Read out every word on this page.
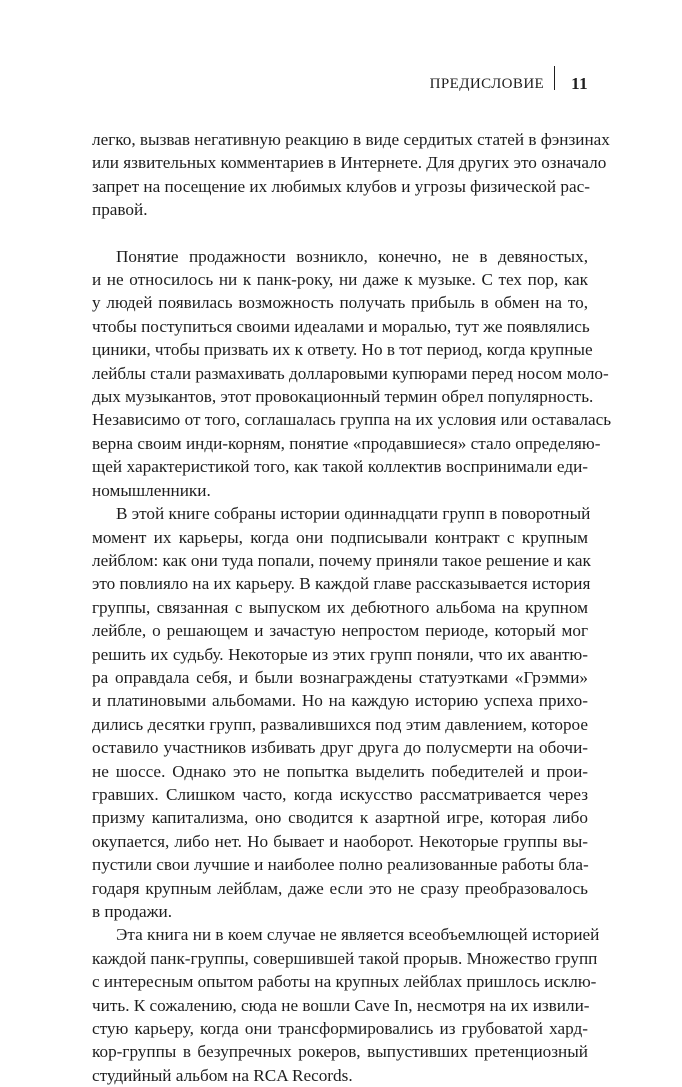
ПРЕДИСЛОВИЕ 11

легко, вызвав негативную реакцию в виде сердитых статей в фэнзинах
или язвительных комментариев в Интернете. Для других это означало
запрет на посещение их любимых клубов и угрозы физической рас-
правой.

Понятие продажности возникло, конечно, не в девяностых,
и не относилось ни к панк-року, ни даже к музыке. С тех пор, как
у людей появилась возможность получать прибыль в обмен на то,
чтобы поступиться своими идеалами и моралью, тут же появлялись
циники, чтобы призвать их к ответу. Но в тот период, когда крупные
лейблы стали размахивать долларовыми купюрами перед носом моло-
дых музыкантов, этот провокационный термин обрел популярность.
Независимо от того, соглашалась группа на их условия или оставалась
верна своим инди-корням, понятие «продавшиеся» стало определяю-
щей характеристикой того, как такой коллектив воспринимали еди-
номышленники.

В этой книге собраны истории одиннадцати групп в поворотный
момент их карьеры, когда они подписывали контракт с крупным
лейблом: как они туда попали, почему приняли такое решение и как
это повлияло на их карьеру. В каждой главе рассказывается история
группы, связанная с выпуском их дебютного альбома на крупном
лейбле, о решающем и зачастую непростом периоде, который мог
решить их судьбу. Некоторые из этих групп поняли, что их авантю-
ра оправдала себя, и были вознаграждены статуэтками «Грэмми»
и платиновыми альбомами. Но на каждую историю успеха прихо-
дились десятки групп, развалившихся под этим давлением, которое
оставило участников избивать друг друга до полусмерти на обочи-
не шоссе. Однако это не попытка выделить победителей и прои-
гравших. Слишком часто, когда искусство рассматривается через
призму капитализма, оно сводится к азартной игре, которая либо
окупается, либо нет. Но бывает и наоборот. Некоторые группы вы-
пустили свои лучшие и наиболее полно реализованные работы бла-
годаря крупным лейблам, даже если это не сразу преобразовалось
в продажи.

Эта книга ни в коем случае не является всеобъемлющей историей
каждой панк-группы, совершившей такой прорыв. Множество групп
с интересным опытом работы на крупных лейблах пришлось исклю-
чить. К сожалению, сюда не вошли Cave In, несмотря на их извили-
стую карьеру, когда они трансформировались из грубоватой хард-
кор-группы в безупречных рокеров, выпустивших претенциозный
студийный альбом на RCA Records.
